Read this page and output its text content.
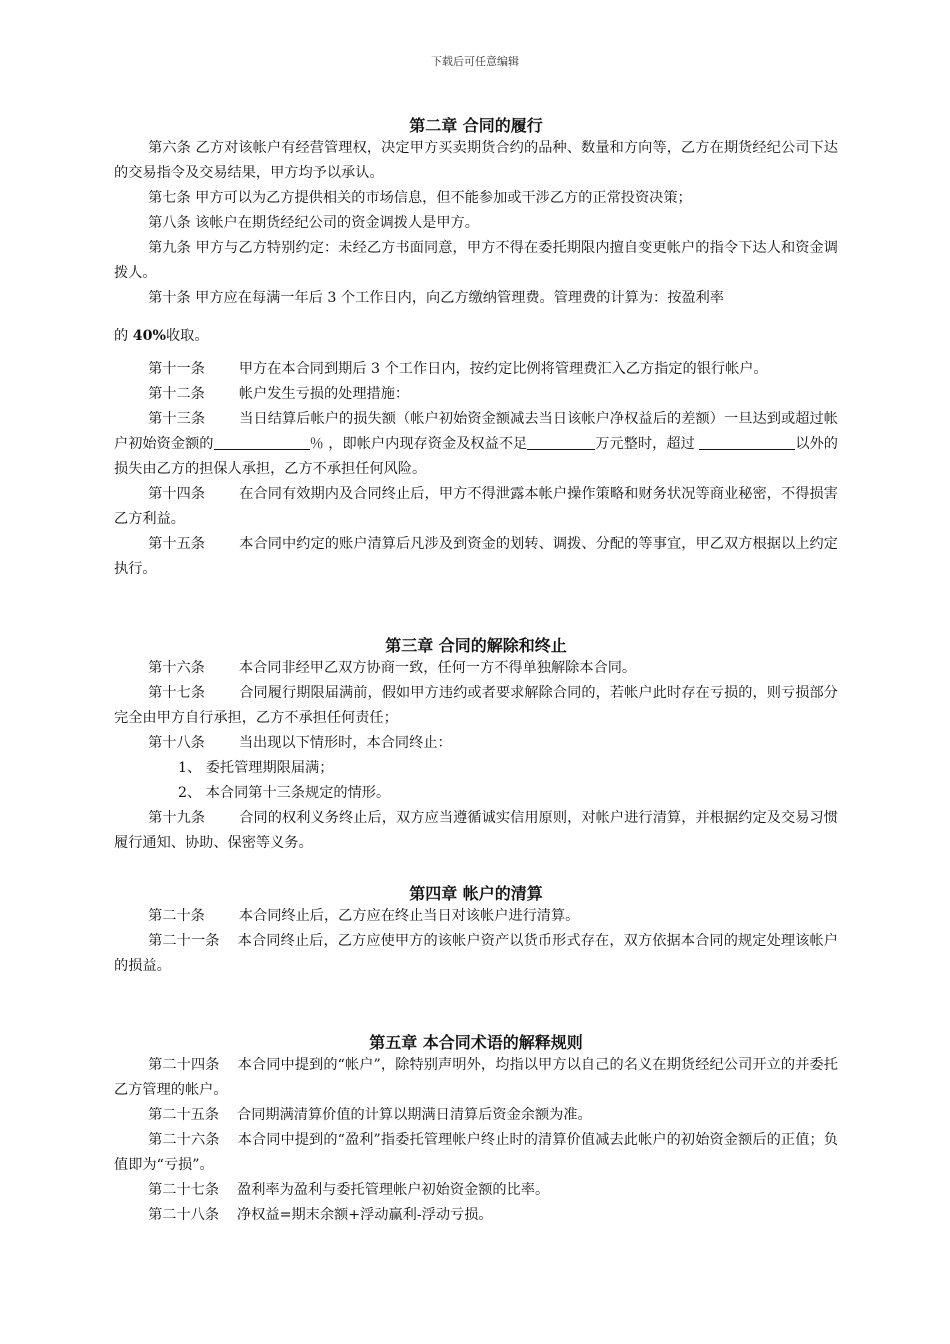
下载后可任意编辑

第二章 合同的履行

第六条 乙方对该帐户有经营管理权，决定甲方买卖期货合约的品种、数量和方向等，乙方在期货经纪公司下达的交易指令及交易结果，甲方均予以承认。

第七条 甲方可以为乙方提供相关的市场信息，但不能参加或干涉乙方的正常投资决策；

第八条 该帐户在期货经纪公司的资金调拨人是甲方。

第九条 甲方与乙方特别约定：未经乙方书面同意，甲方不得在委托期限内擅自变更帐户的指令下达人和资金调拨人。

第十条 甲方应在每满一年后 3 个工作日内，向乙方缴纳管理费。管理费的计算为：按盈利率

的 40%收取。

第十一条 甲方在本合同到期后 3 个工作日内，按约定比例将管理费汇入乙方指定的银行帐户。

第十二条 帐户发生亏损的处理措施：

第十三条 当日结算后帐户的损失额（帐户初始资金额减去当日该帐户净权益后的差额）一旦达到或超过帐户初始资金额的	％ ，即帐户内现存资金及权益不足	万元整时，超过	以外的损失由乙方的担保人承担，乙方不承担任何风险。

第十四条 在合同有效期内及合同终止后，甲方不得泄露本帐户操作策略和财务状况等商业秘密，不得损害乙方利益。

第十五条 本合同中约定的账户清算后凡涉及到资金的划转、调拨、分配的等事宜，甲乙双方根据以上约定执行。

第三章 合同的解除和终止

第十六条 本合同非经甲乙双方协商一致，任何一方不得单独解除本合同。

第十七条 合同履行期限届满前，假如甲方违约或者要求解除合同的，若帐户此时存在亏损的，则亏损部分完全由甲方自行承担，乙方不承担任何责任；

第十八条 当出现以下情形时，本合同终止：

1、 委托管理期限届满；

2、 本合同第十三条规定的情形。

第十九条 合同的权利义务终止后，双方应当遵循诚实信用原则，对帐户进行清算，并根据约定及交易习惯履行通知、协助、保密等义务。

第四章 帐户的清算

第二十条 本合同终止后，乙方应在终止当日对该帐户进行清算。

第二十一条 本合同终止后，乙方应使甲方的该帐户资产以货币形式存在，双方依据本合同的规定处理该帐户的损益。

第五章 本合同术语的解释规则

第二十四条 本合同中提到的“帐户”，除特别声明外，均指以甲方以自己的名义在期货经纪公司开立的并委托乙方管理的帐户。

第二十五条 合同期满清算价值的计算以期满日清算后资金余额为准。

第二十六条 本合同中提到的“盈利”指委托管理帐户终止时的清算价值减去此帐户的初始资金额后的正值；负值即为“亏损”。

第二十七条 盈利率为盈利与委托管理帐户初始资金额的比率。

第二十八条 净权益=期末余额+浮动赢利-浮动亏损。
